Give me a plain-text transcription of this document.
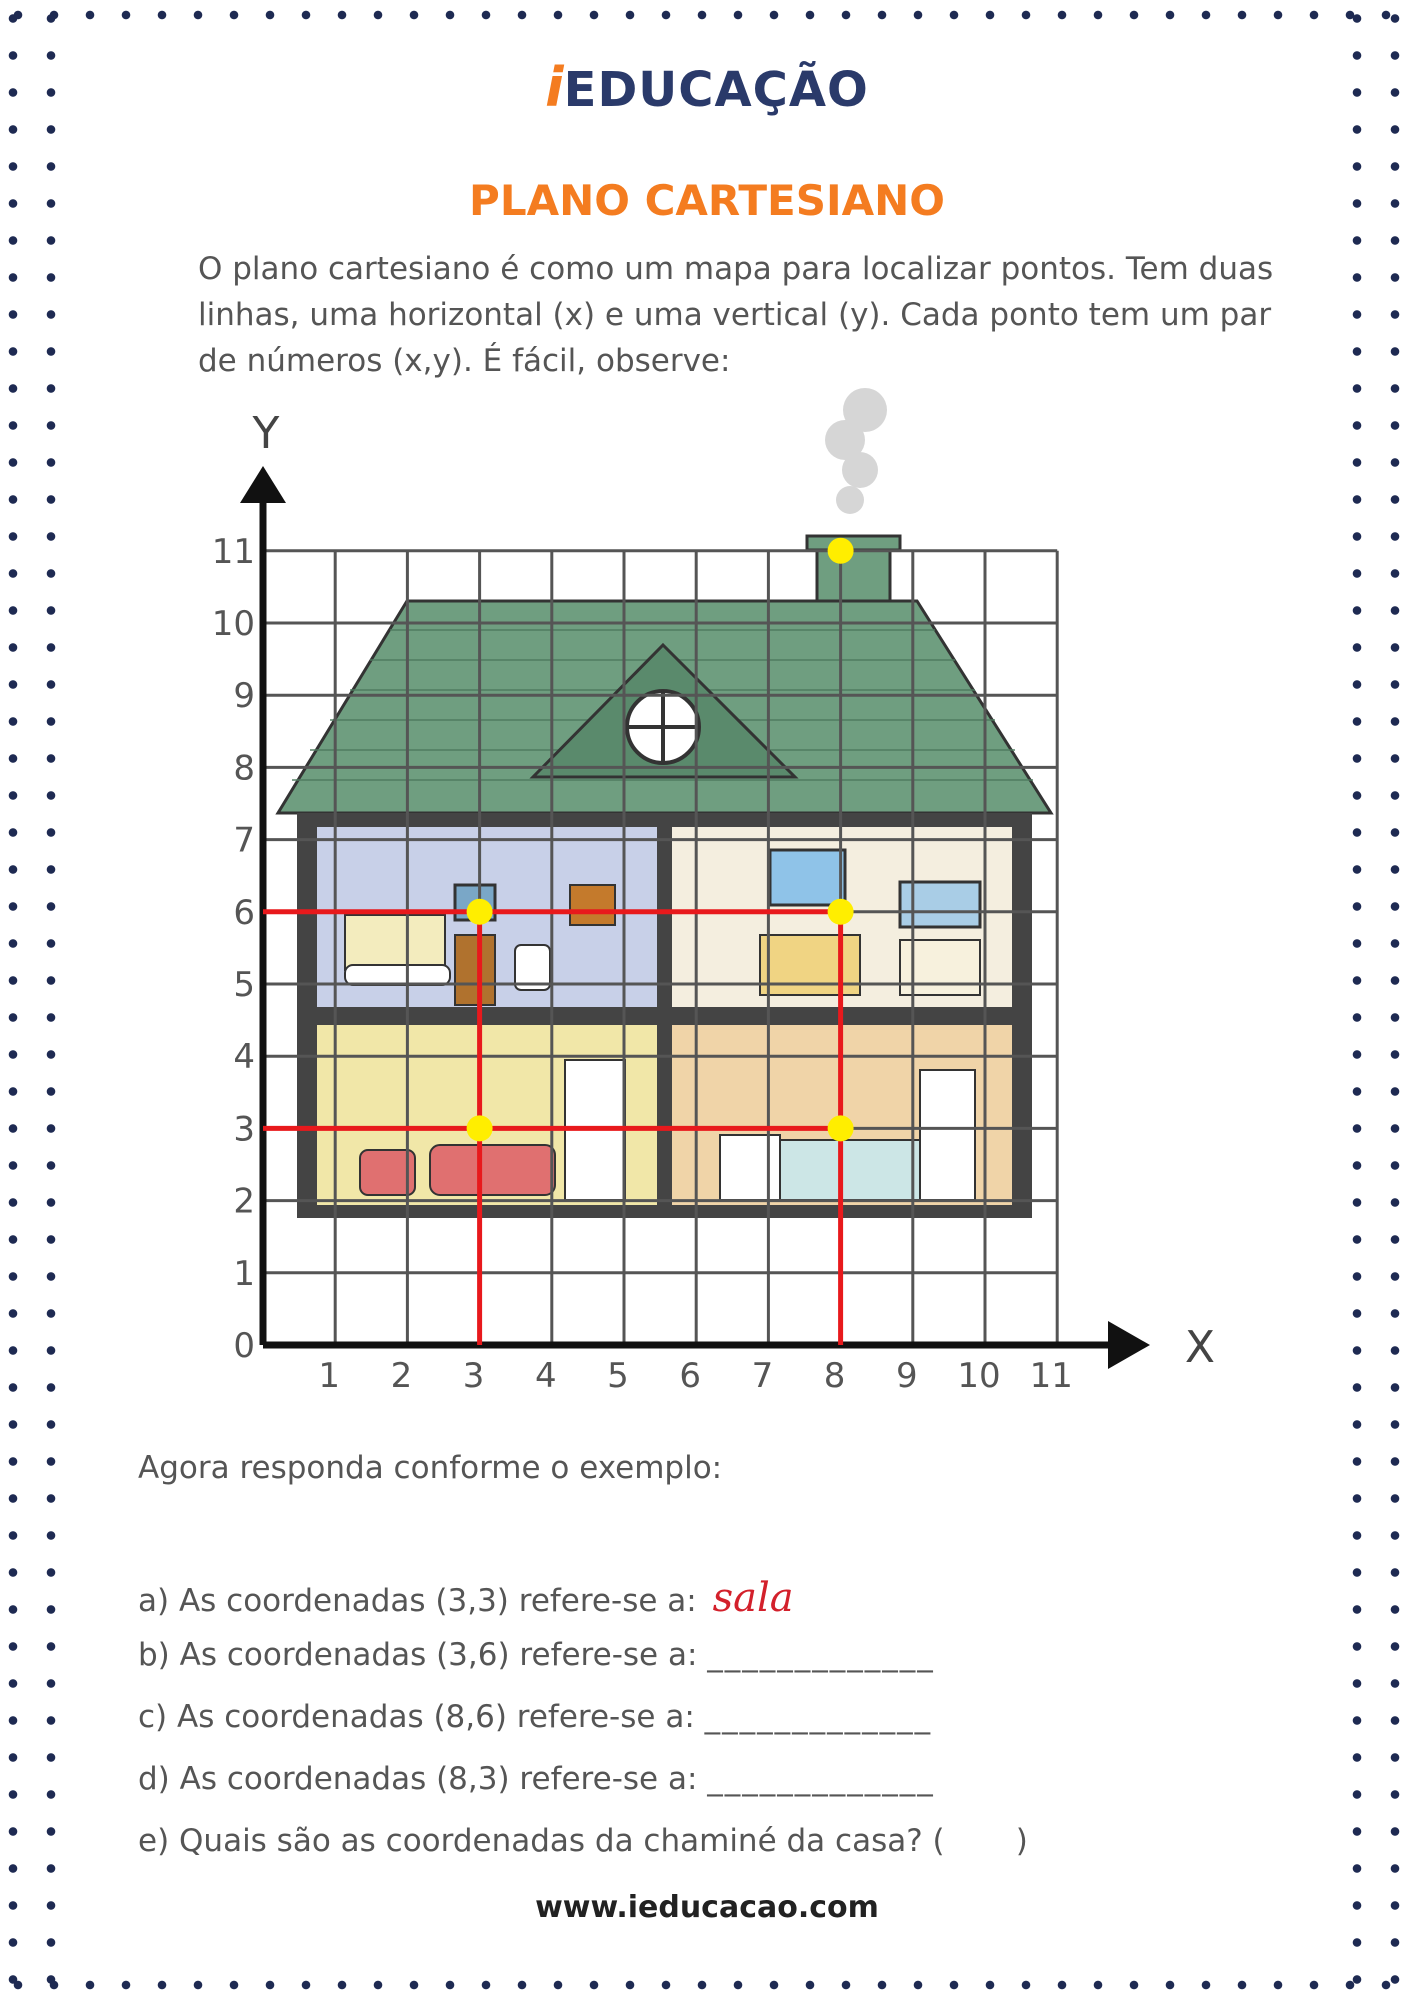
iEDUCAÇÃO
PLANO CARTESIANO
O plano cartesiano é como um mapa para localizar pontos. Tem duas linhas, uma horizontal (x) e uma vertical (y). Cada ponto tem um par de números (x,y). É fácil, observe:
Y
X
1 2 3 4 5 6 7 8 9 10 11
0
1
2
3
4
5
6
7
8
9
10
11
Agora responda conforme o exemplo:
a) As coordenadas (3,3) refere-se a: sala
b) As coordenadas (3,6) refere-se a: _____________
c) As coordenadas (8,6) refere-se a: _____________
d) As coordenadas (8,3) refere-se a: _____________
e) Quais são as coordenadas da chaminé da casa? (      )
www.ieducacao.com
